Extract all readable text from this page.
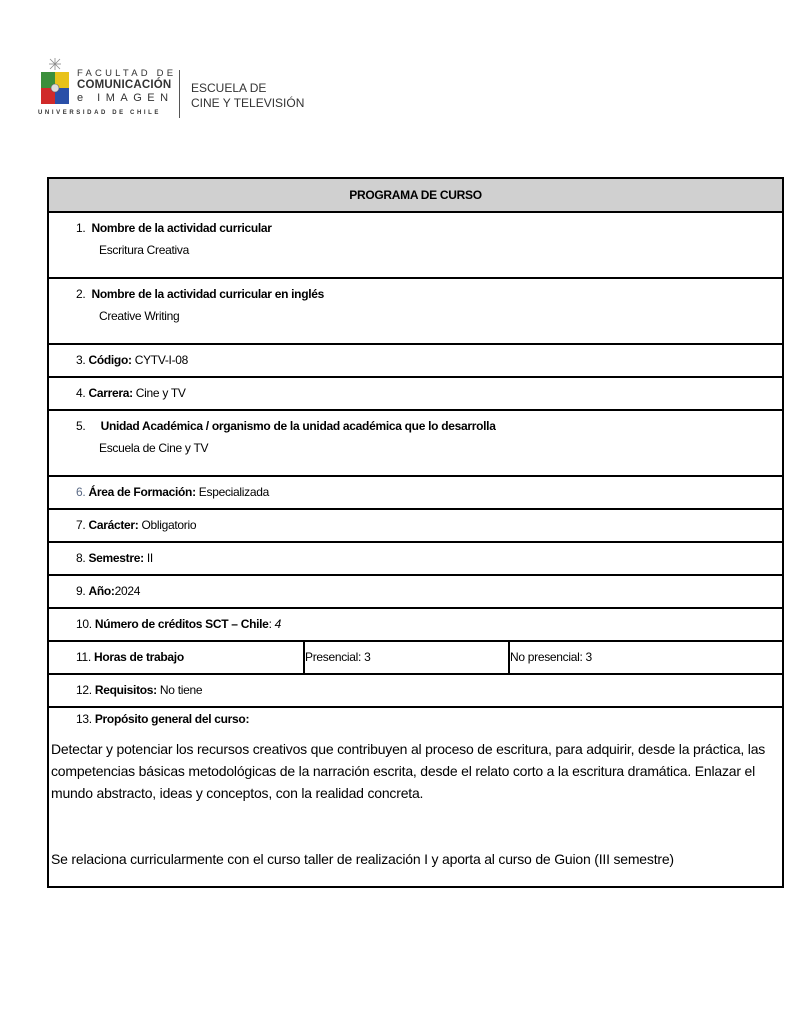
FACULTAD DE
COMUNICACIÓN
e IMAGEN
UNIVERSIDAD DE CHILE
ESCUELA DE
CINE Y TELEVISIÓN
PROGRAMA DE CURSO

1. Nombre de la actividad curricular
Escritura Creativa

2. Nombre de la actividad curricular en inglés
Creative Writing

3. Código: CYTV-I-08

4. Carrera: Cine y TV

5. Unidad Académica / organismo de la unidad académica que lo desarrolla
Escuela de Cine y TV

6. Área de Formación: Especializada

7. Carácter: Obligatorio

8. Semestre: II

9. Año:2024

10. Número de créditos SCT – Chile: 4

11. Horas de trabajo	Presencial: 3	No presencial: 3

12. Requisitos: No tiene

13. Propósito general del curso:
Detectar y potenciar los recursos creativos que contribuyen al proceso de escritura, para adquirir, desde la práctica, las competencias básicas metodológicas de la narración escrita, desde el relato corto a la escritura dramática. Enlazar el mundo abstracto, ideas y conceptos, con la realidad concreta.
Se relaciona curricularmente con el curso taller de realización I y aporta al curso de Guion (III semestre)
